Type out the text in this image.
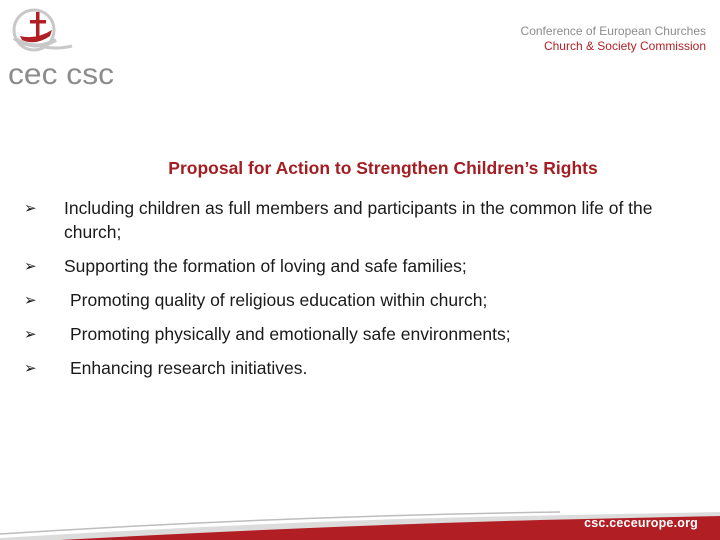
cec csc
Conference of European Churches
Church & Society Commission
Proposal for Action to Strengthen Children’s Rights
➢ Including children as full members and participants in the common life of the church;
➢ Supporting the formation of loving and safe families;
➢ Promoting quality of religious education within church;
➢ Promoting physically and emotionally safe environments;
➢ Enhancing research initiatives.
csc.ceceurope.org
